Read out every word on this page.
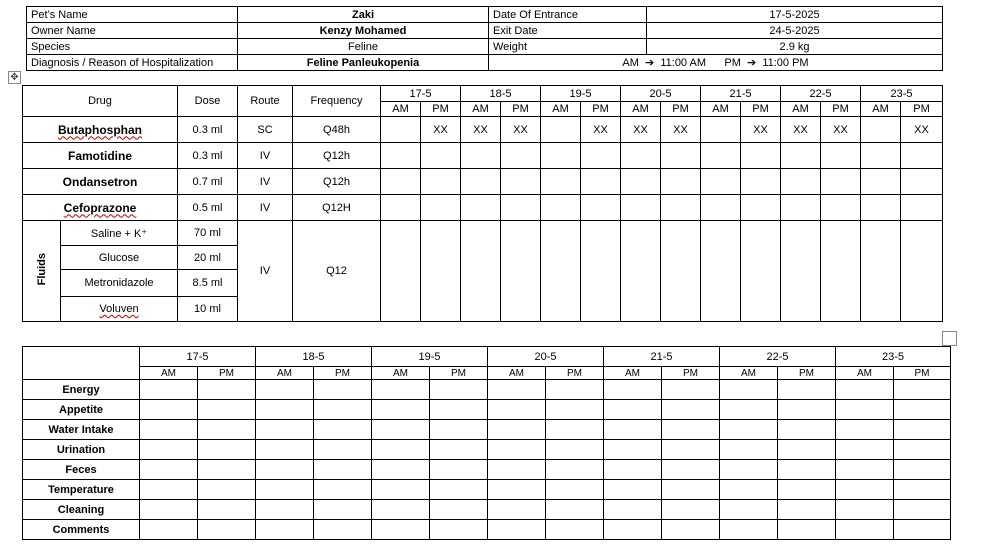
✥
Pet’s Name	Zaki	Date Of Entrance	17-5-2025
Owner Name	Kenzy Mohamed	Exit Date	24-5-2025
Species	Feline	Weight	2.9 kg
Diagnosis / Reason of Hospitalization	Feline Panleukopenia	AM  ➔  11:00 AM PM  ➔  11:00 PM	
Drug		Dose	Route	Frequency	17-5		18-5		19-5		20-5		21-5		22-5		23-5	
					AM	PM	AM	PM	AM	PM	AM	PM	AM	PM	AM	PM	AM	PM
Butaphosphan		0.3 ml	SC	Q48h		XX	XX	XX		XX	XX	XX		XX	XX	XX		XX
Famotidine		0.3 ml	IV	Q12h														
Ondansetron		0.7 ml	IV	Q12h														
Cefoprazone		0.5 ml	IV	Q12H														
Fluids	Saline + K⁺	70 ml	IV	Q12														
	Glucose	20 ml																
	Metronidazole	8.5 ml																
	Voluven	10 ml																
	17-5		18-5		19-5		20-5		21-5		22-5		23-5	
	AM	PM	AM	PM	AM	PM	AM	PM	AM	PM	AM	PM	AM	PM
Energy														
Appetite														
Water Intake														
Urination														
Feces														
Temperature														
Cleaning														
Comments														
